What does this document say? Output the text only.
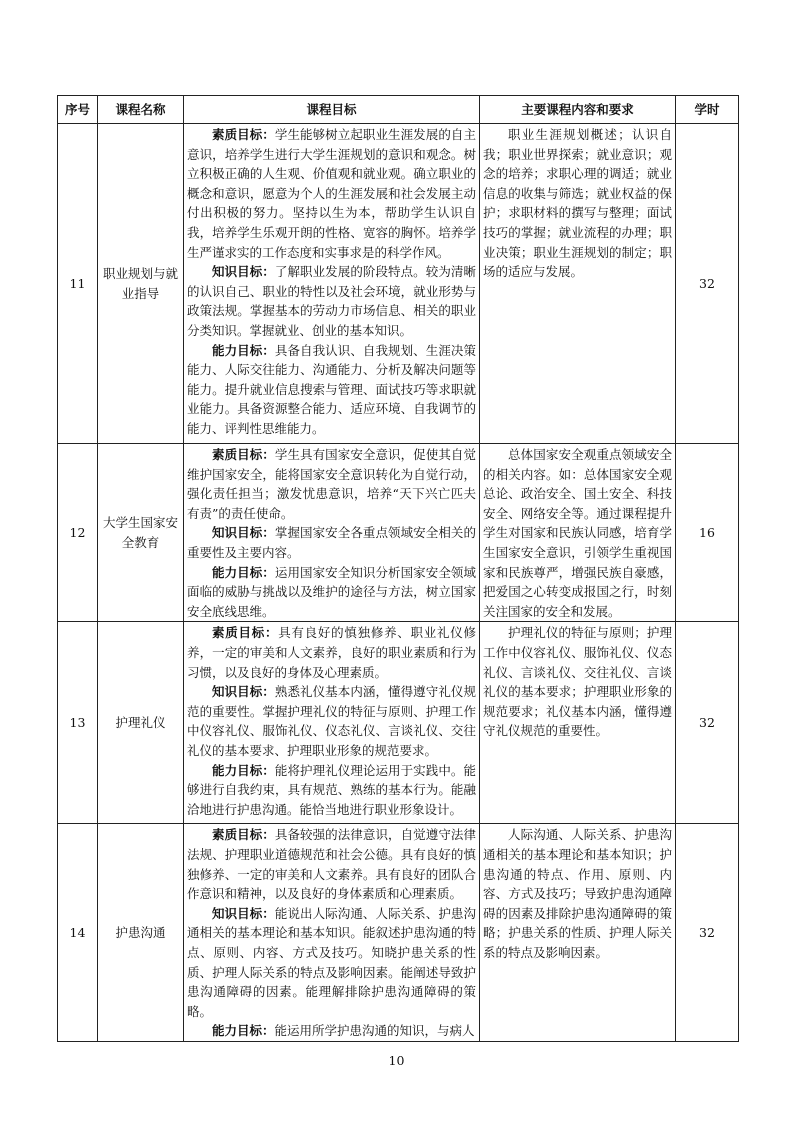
序号	课程名称	课程目标	主要课程内容和要求	学时
11	职业规划与就业指导	素质目标：学生能够树立起职业生涯发展的自主意识，培养学生进行大学生涯规划的意识和观念。树立积极正确的人生观、价值观和就业观。确立职业的概念和意识，愿意为个人的生涯发展和社会发展主动付出积极的努力。坚持以生为本，帮助学生认识自我，培养学生乐观开朗的性格、宽容的胸怀。培养学生严谨求实的工作态度和实事求是的科学作风。

知识目标：了解职业发展的阶段特点。较为清晰的认识自己、职业的特性以及社会环境，就业形势与政策法规。掌握基本的劳动力市场信息、相关的职业分类知识。掌握就业、创业的基本知识。

能力目标：具备自我认识、自我规划、生涯决策能力、人际交往能力、沟通能力、分析及解决问题等能力。提升就业信息搜索与管理、面试技巧等求职就业能力。具备资源整合能力、适应环境、自我调节的能力、评判性思维能力。	职业生涯规划概述；认识自我；职业世界探索；就业意识；观念的培养；求职心理的调适；就业信息的收集与筛选；就业权益的保护；求职材料的撰写与整理；面试技巧的掌握；就业流程的办理；职业决策；职业生涯规划的制定；职场的适应与发展。	32
12	大学生国家安全教育	素质目标：学生具有国家安全意识，促使其自觉维护国家安全，能将国家安全意识转化为自觉行动，强化责任担当；激发忧患意识，培养“天下兴亡匹夫有责”的责任使命。

知识目标：掌握国家安全各重点领域安全相关的重要性及主要内容。

能力目标：运用国家安全知识分析国家安全领域面临的威胁与挑战以及维护的途径与方法，树立国家安全底线思维。	总体国家安全观重点领域安全的相关内容。如：总体国家安全观总论、政治安全、国土安全、科技安全、网络安全等。通过课程提升学生对国家和民族认同感，培育学生国家安全意识，引领学生重视国家和民族尊严，增强民族自豪感，把爱国之心转变成报国之行，时刻关注国家的安全和发展。	16
13	护理礼仪	素质目标：具有良好的慎独修养、职业礼仪修养，一定的审美和人文素养，良好的职业素质和行为习惯，以及良好的身体及心理素质。

知识目标：熟悉礼仪基本内涵，懂得遵守礼仪规范的重要性。掌握护理礼仪的特征与原则、护理工作中仪容礼仪、服饰礼仪、仪态礼仪、言谈礼仪、交往礼仪的基本要求、护理职业形象的规范要求。

能力目标：能将护理礼仪理论运用于实践中。能够进行自我约束，具有规范、熟练的基本行为。能融洽地进行护患沟通。能恰当地进行职业形象设计。	护理礼仪的特征与原则；护理工作中仪容礼仪、服饰礼仪、仪态礼仪、言谈礼仪、交往礼仪、言谈礼仪的基本要求；护理职业形象的规范要求；礼仪基本内涵，懂得遵守礼仪规范的重要性。	32
14	护患沟通	素质目标：具备较强的法律意识，自觉遵守法律法规、护理职业道德规范和社会公德。具有良好的慎独修养、一定的审美和人文素养。具有良好的团队合作意识和精神，以及良好的身体素质和心理素质。

知识目标：能说出人际沟通、人际关系、护患沟通相关的基本理论和基本知识。能叙述护患沟通的特点、原则、内容、方式及技巧。知晓护患关系的性质、护理人际关系的特点及影响因素。能阐述导致护患沟通障碍的因素。能理解排除护患沟通障碍的策略。

能力目标：能运用所学护患沟通的知识，与病人	人际沟通、人际关系、护患沟通相关的基本理论和基本知识；护患沟通的特点、作用、原则、内容、方式及技巧；导致护患沟通障碍的因素及排除护患沟通障碍的策略；护患关系的性质、护理人际关系的特点及影响因素。	32
10
